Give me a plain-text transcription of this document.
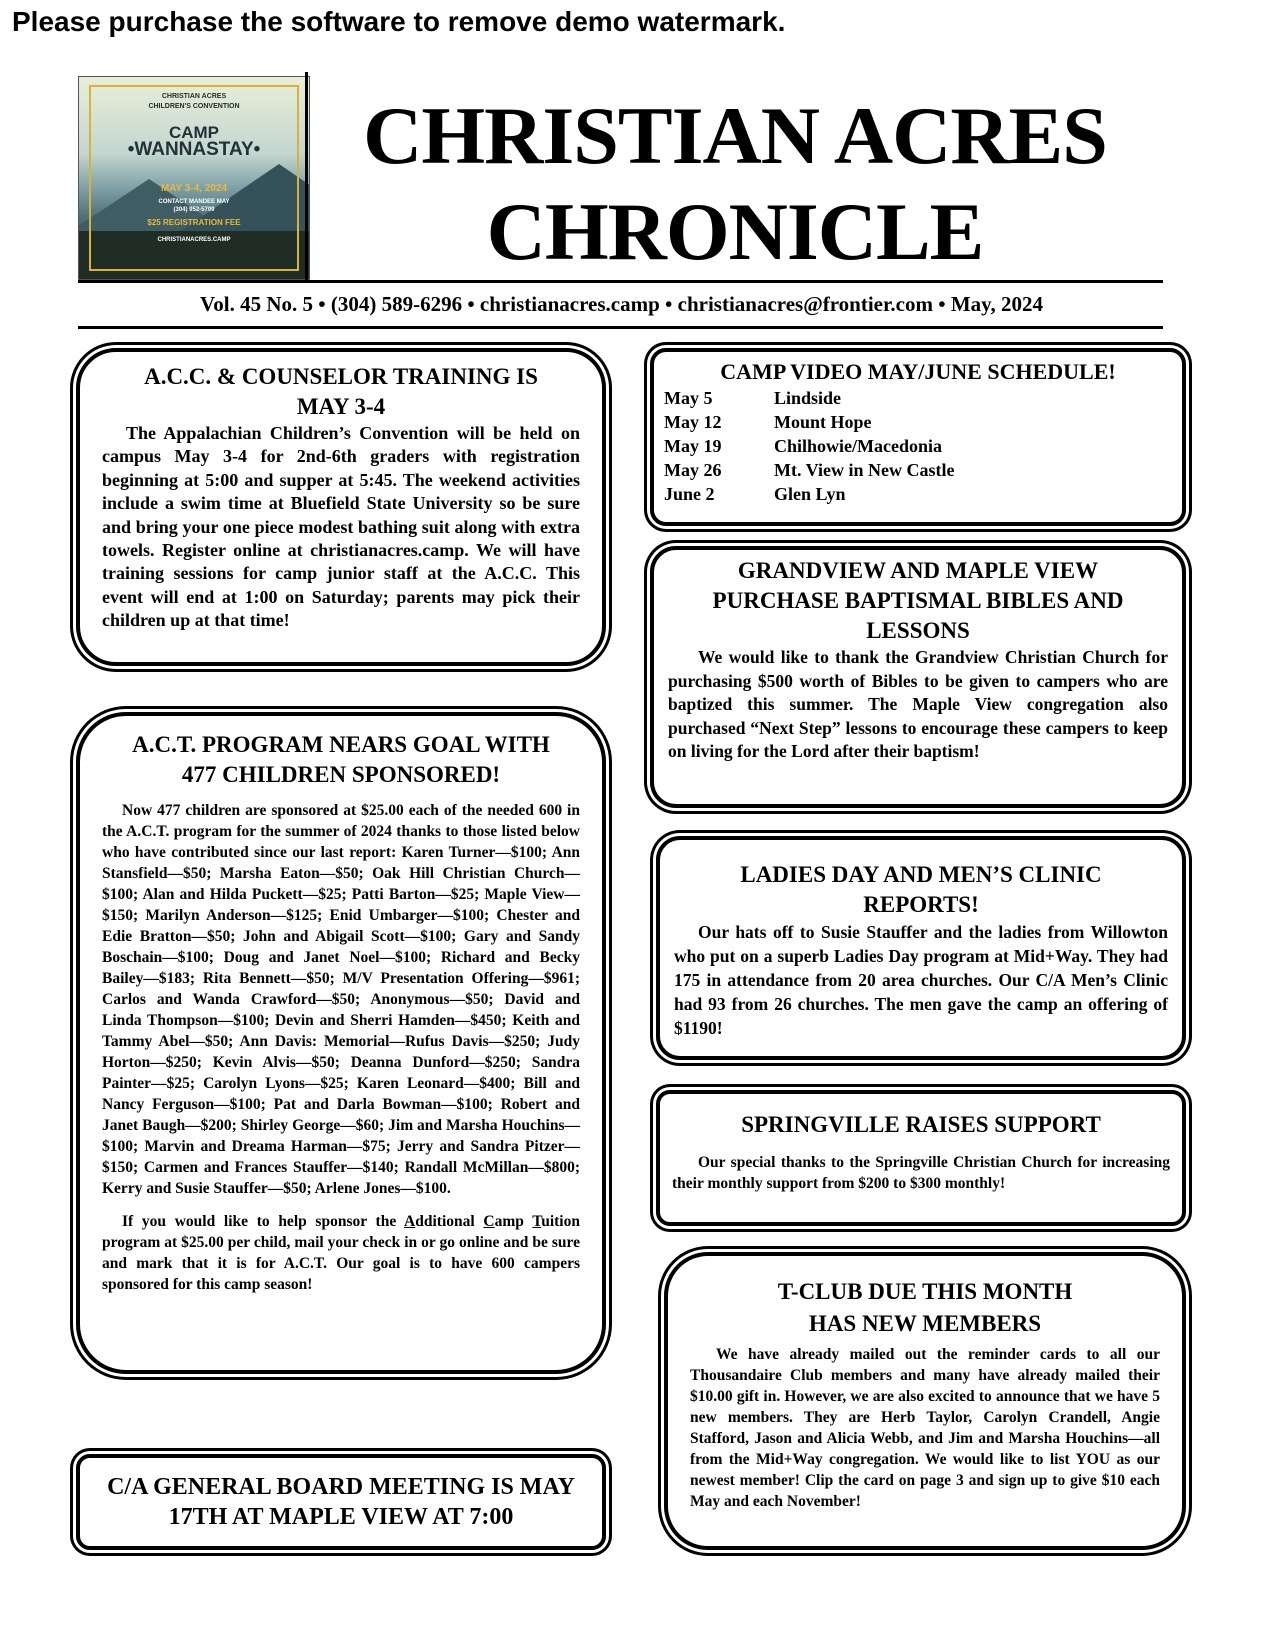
Please purchase the software to remove demo watermark.
CHRISTIAN ACRES
CHILDREN'S CONVENTION
CAMP
•WANNASTAY•
MAY 3-4, 2024
CONTACT MANDEE MAY
(304) 952-5709
$25 REGISTRATION FEE
CHRISTIANACRES.CAMP
CHRISTIAN ACRES
CHRONICLE
Vol. 45 No. 5 • (304) 589-6296 • christianacres.camp • christianacres@frontier.com • May, 2024
A.C.C. & COUNSELOR TRAINING IS
MAY 3-4

The Appalachian Children’s Convention will be held on campus May 3-4 for 2nd-6th graders with registration beginning at 5:00 and supper at 5:45. The weekend activities include a swim time at Bluefield State University so be sure and bring your one piece modest bathing suit along with extra towels. Register online at christianacres.camp. We will have training sessions for camp junior staff at the A.C.C. This event will end at 1:00 on Saturday; parents may pick their children up at that time!

A.C.T. PROGRAM NEARS GOAL WITH
477 CHILDREN SPONSORED!

Now 477 children are sponsored at $25.00 each of the needed 600 in the A.C.T. program for the summer of 2024 thanks to those listed below who have contributed since our last report: Karen Turner—$100; Ann Stansfield—$50; Marsha Eaton—$50; Oak Hill Christian Church—$100; Alan and Hilda Puckett—$25; Patti Barton—$25; Maple View—$150; Marilyn Anderson—$125; Enid Umbarger—$100; Chester and Edie Bratton—$50; John and Abigail Scott—$100; Gary and Sandy Boschain—$100; Doug and Janet Noel—$100; Richard and Becky Bailey—$183; Rita Bennett—$50; M/V Presentation Offering—$961; Carlos and Wanda Crawford—$50; Anonymous—$50; David and Linda Thompson—$100; Devin and Sherri Hamden—$450; Keith and Tammy Abel—$50; Ann Davis: Memorial—Rufus Davis—$250; Judy Horton—$250; Kevin Alvis—$50; Deanna Dunford—$250; Sandra Painter—$25; Carolyn Lyons—$25; Karen Leonard—$400; Bill and Nancy Ferguson—$100; Pat and Darla Bowman—$100; Robert and Janet Baugh—$200; Shirley George—$60; Jim and Marsha Houchins—$100; Marvin and Dreama Harman—$75; Jerry and Sandra Pitzer—$150; Carmen and Frances Stauffer—$140; Randall McMillan—$800; Kerry and Susie Stauffer—$50; Arlene Jones—$100.

If you would like to help sponsor the Additional Camp Tuition program at $25.00 per child, mail your check in or go online and be sure and mark that it is for A.C.T. Our goal is to have 600 campers sponsored for this camp season!

C/A GENERAL BOARD MEETING IS MAY
17TH AT MAPLE VIEW AT 7:00
CAMP VIDEO MAY/JUNE SCHEDULE!
May 5	Lindside
May 12	Mount Hope
May 19	Chilhowie/Macedonia
May 26	Mt. View in New Castle
June 2	Glen Lyn
GRANDVIEW AND MAPLE VIEW
PURCHASE BAPTISMAL BIBLES AND
LESSONS

We would like to thank the Grandview Christian Church for purchasing $500 worth of Bibles to be given to campers who are baptized this summer. The Maple View congregation also purchased “Next Step” lessons to encourage these campers to keep on living for the Lord after their baptism!

LADIES DAY AND MEN’S CLINIC
REPORTS!

Our hats off to Susie Stauffer and the ladies from Willowton who put on a superb Ladies Day program at Mid+Way. They had 175 in attendance from 20 area churches. Our C/A Men’s Clinic had 93 from 26 churches. The men gave the camp an offering of $1190!

SPRINGVILLE RAISES SUPPORT

Our special thanks to the Springville Christian Church for increasing their monthly support from $200 to $300 monthly!

T-CLUB DUE THIS MONTH
HAS NEW MEMBERS

We have already mailed out the reminder cards to all our Thousandaire Club members and many have already mailed their $10.00 gift in. However, we are also excited to announce that we have 5 new members. They are Herb Taylor, Carolyn Crandell, Angie Stafford, Jason and Alicia Webb, and Jim and Marsha Houchins—all from the Mid+Way congregation. We would like to list YOU as our newest member! Clip the card on page 3 and sign up to give $10 each May and each November!
